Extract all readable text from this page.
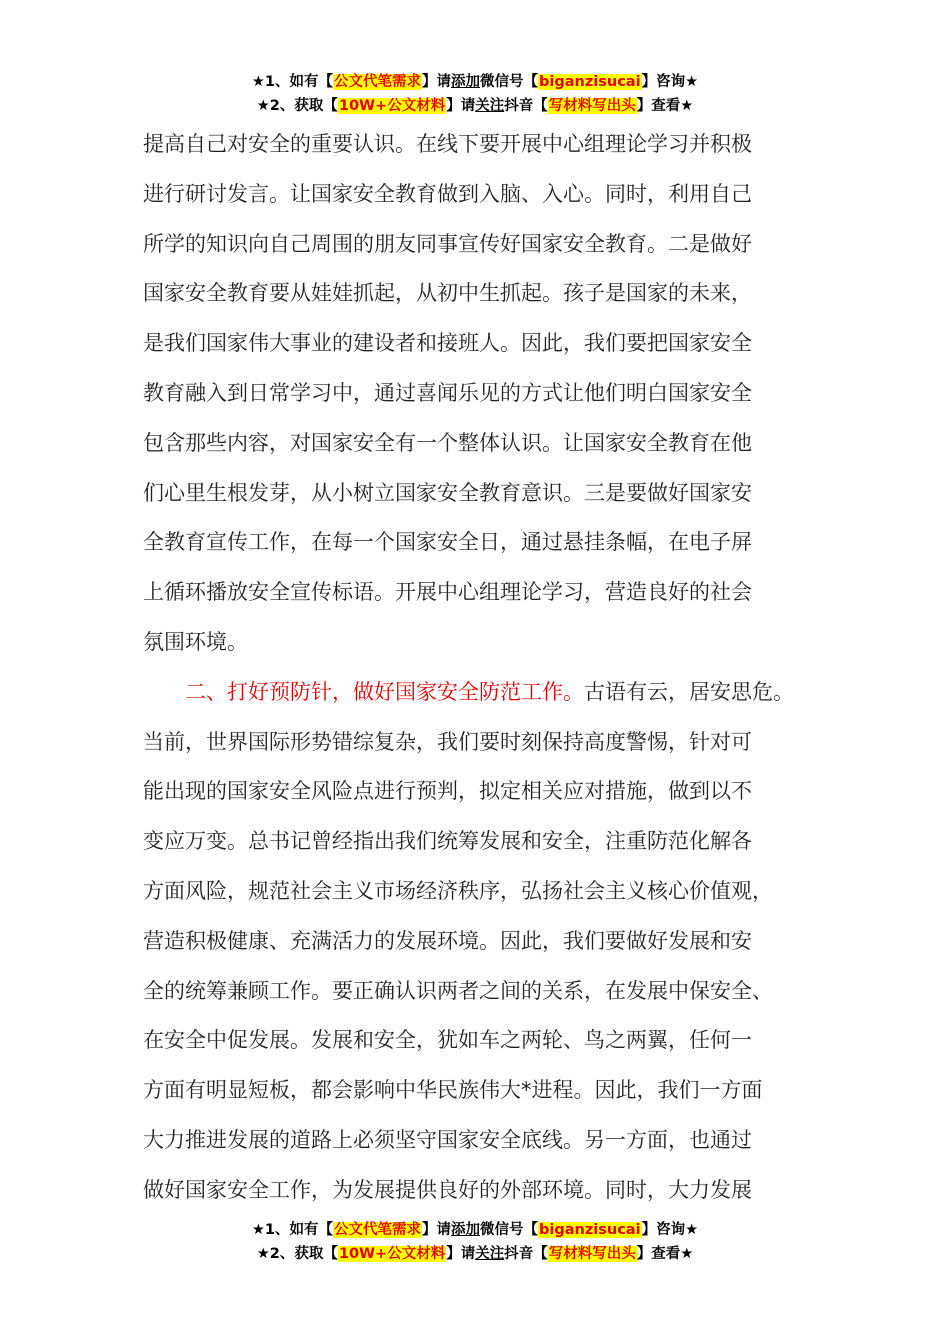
★1、如有【公文代笔需求】请添加微信号【biganzisucai】咨询★
★2、获取【10W+公文材料】请关注抖音【写材料写出头】查看★
提高自己对安全的重要认识。在线下要开展中心组理论学习并积极
进行研讨发言。让国家安全教育做到入脑、入心。同时，利用自己
所学的知识向自己周围的朋友同事宣传好国家安全教育。二是做好
国家安全教育要从娃娃抓起，从初中生抓起。孩子是国家的未来，
是我们国家伟大事业的建设者和接班人。因此，我们要把国家安全
教育融入到日常学习中，通过喜闻乐见的方式让他们明白国家安全
包含那些内容，对国家安全有一个整体认识。让国家安全教育在他
们心里生根发芽，从小树立国家安全教育意识。三是要做好国家安
全教育宣传工作，在每一个国家安全日，通过悬挂条幅，在电子屏
上循环播放安全宣传标语。开展中心组理论学习，营造良好的社会
氛围环境。
　　二、打好预防针，做好国家安全防范工作。古语有云，居安思危。
当前，世界国际形势错综复杂，我们要时刻保持高度警惕，针对可
能出现的国家安全风险点进行预判，拟定相关应对措施，做到以不
变应万变。总书记曾经指出我们统筹发展和安全，注重防范化解各
方面风险，规范社会主义市场经济秩序，弘扬社会主义核心价值观，
营造积极健康、充满活力的发展环境。因此，我们要做好发展和安
全的统筹兼顾工作。要正确认识两者之间的关系，在发展中保安全、
在安全中促发展。发展和安全，犹如车之两轮、鸟之两翼，任何一
方面有明显短板，都会影响中华民族伟大*进程。因此，我们一方面
大力推进发展的道路上必须坚守国家安全底线。另一方面，也通过
做好国家安全工作，为发展提供良好的外部环境。同时，大力发展
★1、如有【公文代笔需求】请添加微信号【biganzisucai】咨询★
★2、获取【10W+公文材料】请关注抖音【写材料写出头】查看★
